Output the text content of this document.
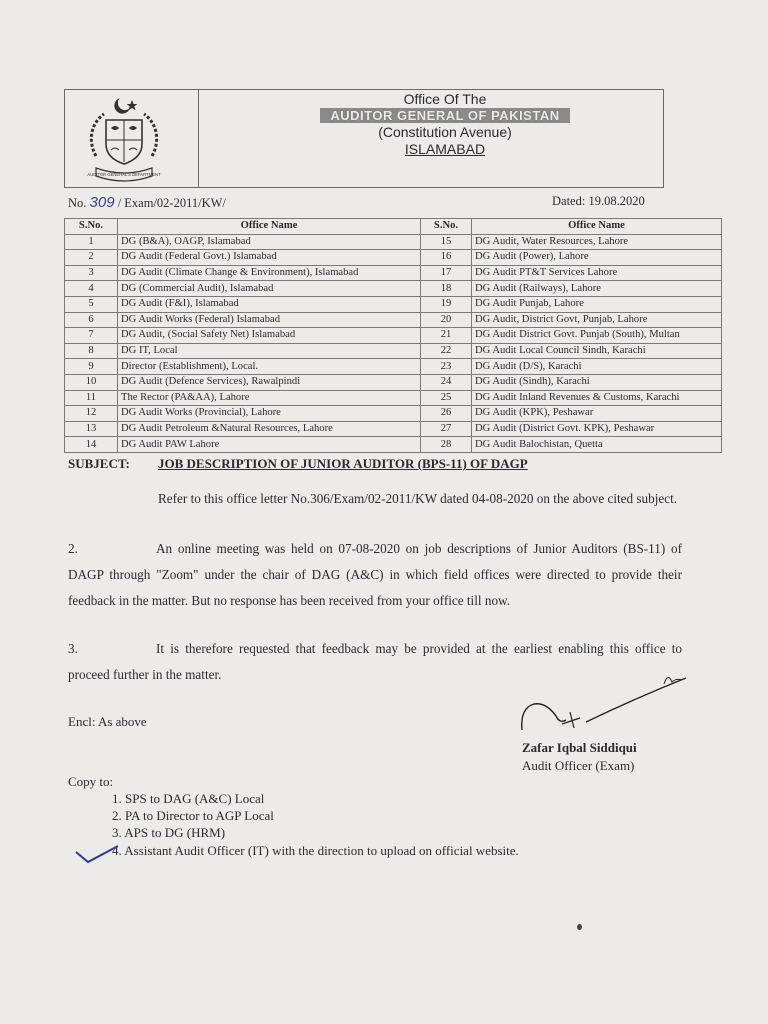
AUDITOR GENERAL'S DEPARTMENT
Office Of The
AUDITOR GENERAL OF PAKISTAN
(Constitution Avenue)
ISLAMABAD
No. 309 / Exam/02-2011/KW/	Dated: 19.08.2020
S.No.	Office Name	S.No.	Office Name
1	DG (B&A), OAGP, Islamabad	15	DG Audit, Water Resources, Lahore
2	DG Audit (Federal Govt.) Islamabad	16	DG Audit (Power), Lahore
3	DG Audit (Climate Change & Environment), Islamabad	17	DG Audit PT&T Services Lahore
4	DG (Commercial Audit), Islamabad	18	DG Audit (Railways), Lahore
5	DG Audit (F&I), Islamabad	19	DG Audit Punjab, Lahore
6	DG Audit Works (Federal) Islamabad	20	DG Audit, District Govt, Punjab, Lahore
7	DG Audit, (Social Safety Net) Islamabad	21	DG Audit District Govt. Punjab (South), Multan
8	DG IT, Local	22	DG Audit Local Council Sindh, Karachi
9	Director (Establishment), Local.	23	DG Audit (D/S), Karachi
10	DG Audit (Defence Services), Rawalpindi	24	DG Audit (Sindh), Karachi
11	The Rector (PA&AA), Lahore	25	DG Audit Inland Revenues & Customs, Karachi
12	DG Audit Works (Provincial), Lahore	26	DG Audit (KPK), Peshawar
13	DG Audit Petroleum &Natural Resources, Lahore	27	DG Audit (District Govt. KPK), Peshawar
14	DG Audit PAW Lahore	28	DG Audit Balochistan, Quetta
SUBJECT: JOB DESCRIPTION OF JUNIOR AUDITOR (BPS-11) OF DAGP
Refer to this office letter No.306/Exam/02-2011/KW dated 04-08-2020 on the above cited subject.
2.	An online meeting was held on 07-08-2020 on job descriptions of Junior Auditors (BS-11) of DAGP through "Zoom" under the chair of DAG (A&C) in which field offices were directed to provide their feedback in the matter. But no response has been received from your office till now.
3.	It is therefore requested that feedback may be provided at the earliest enabling this office to proceed further in the matter.
Encl: As above
Zafar Iqbal Siddiqui
Audit Officer (Exam)
Copy to:
1. SPS to DAG (A&C) Local
2. PA to Director to AGP Local
3. APS to DG (HRM)
4. Assistant Audit Officer (IT) with the direction to upload on official website.
